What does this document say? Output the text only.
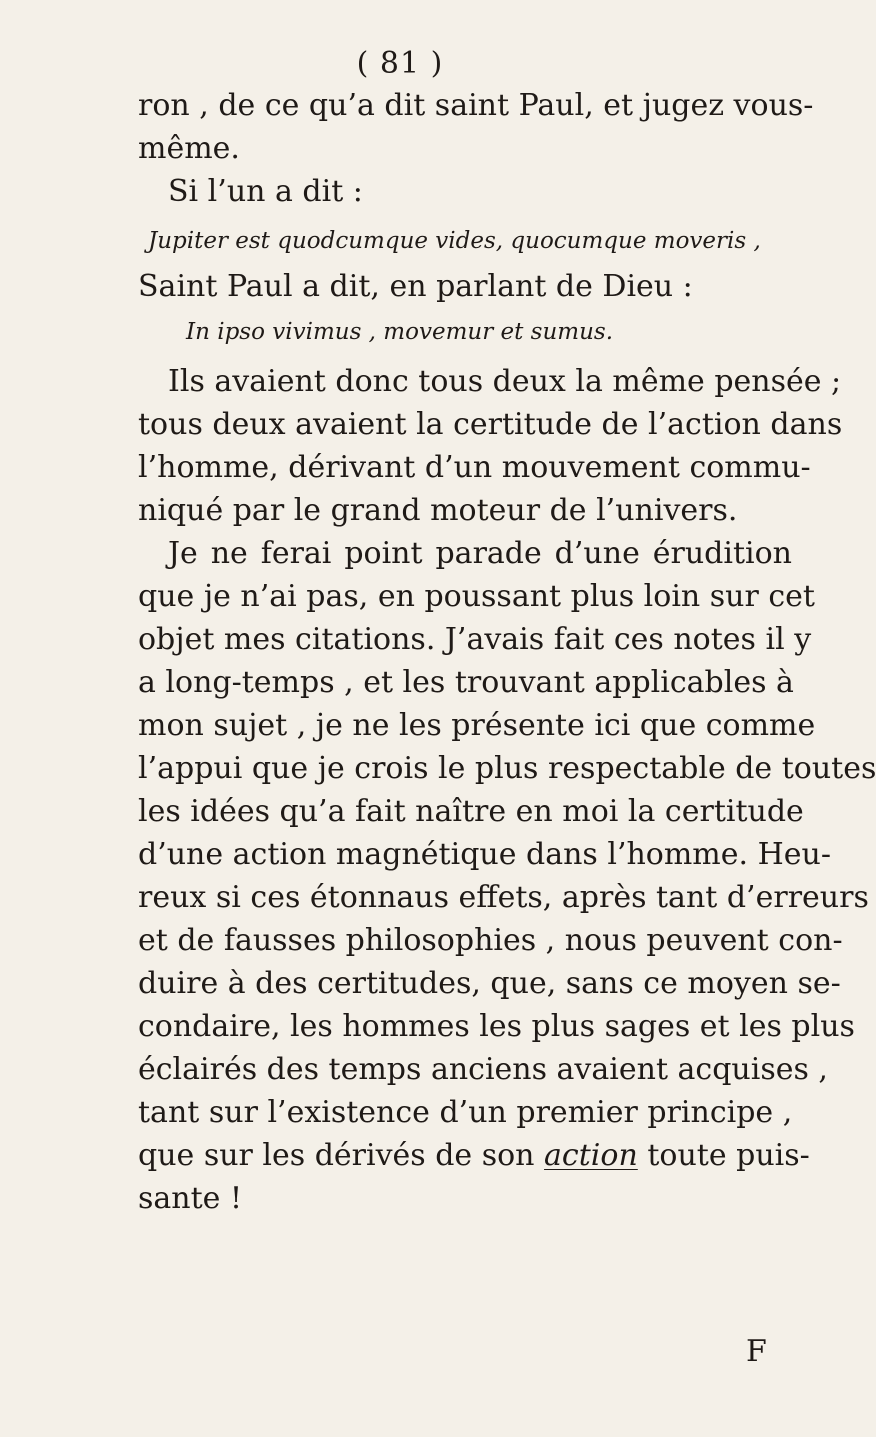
( 81 )
ron , de ce qu’a dit saint Paul, et jugez vous-
même.
Si l’un a dit :
Jupiter est quodcumque vides, quocumque moveris ,
Saint Paul a dit, en parlant de Dieu :
In ipso vivimus , movemur et sumus.
Ils avaient donc tous deux la même pensée ;
tous deux avaient la certitude de l’action dans
l’homme, dérivant d’un mouvement commu-
niqué par le grand moteur de l’univers.
Je ne ferai point parade d’une érudition
que je n’ai pas, en poussant plus loin sur cet
objet mes citations. J’avais fait ces notes il y
a long-temps , et les trouvant applicables à
mon sujet , je ne les présente ici que comme
l’appui que je crois le plus respectable de toutes
les idées qu’a fait naître en moi la certitude
d’une action magnétique dans l’homme. Heu-
reux si ces étonnaus effets, après tant d’erreurs
et de fausses philosophies , nous peuvent con-
duire à des certitudes, que, sans ce moyen se-
condaire, les hommes les plus sages et les plus
éclairés des temps anciens avaient acquises ,
tant sur l’existence d’un premier principe ,
que sur les dérivés de son action toute puis-
sante !
F
